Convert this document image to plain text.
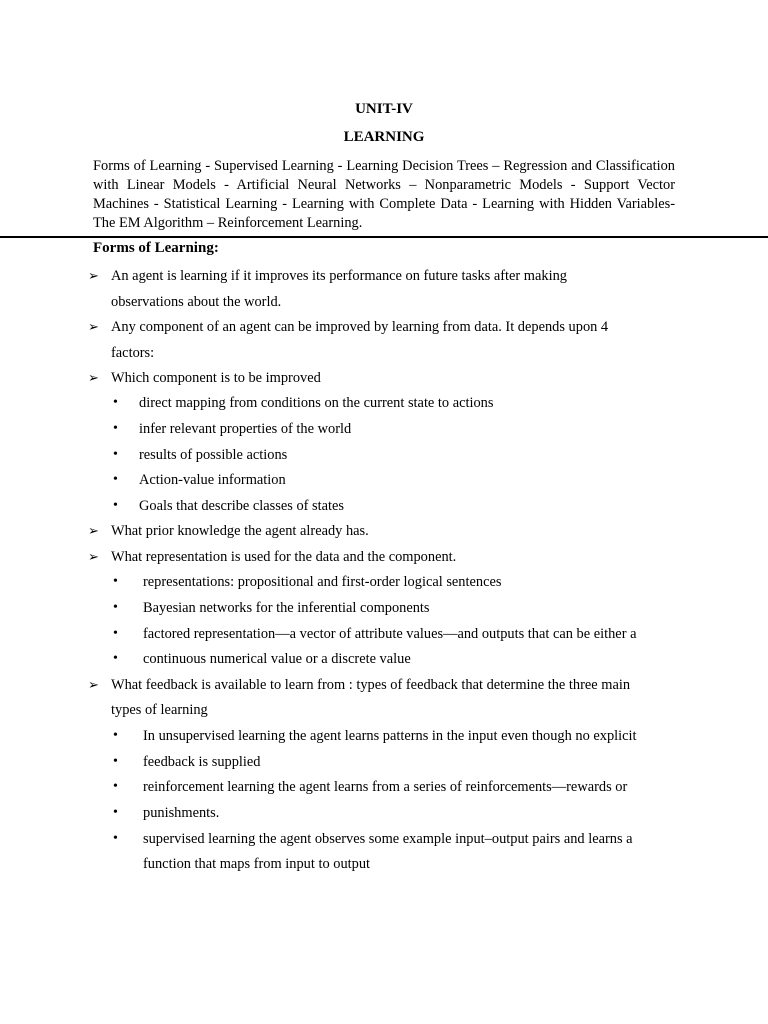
UNIT-IV
LEARNING

Forms of Learning - Supervised Learning - Learning Decision Trees – Regression and Classification with Linear Models - Artificial Neural Networks – Nonparametric Models - Support Vector Machines - Statistical Learning - Learning with Complete Data - Learning with Hidden Variables- The EM Algorithm – Reinforcement Learning.

Forms of Learning:
➢ An agent is learning if it improves its performance on future tasks after making
observations about the world.
➢ Any component of an agent can be improved by learning from data. It depends upon 4
factors:
➢ Which component is to be improved
•	direct mapping from conditions on the current state to actions
•	infer relevant properties of the world
•	results of possible actions
•	Action-value information
•	Goals that describe classes of states
➢ What prior knowledge the agent already has.
➢ What representation is used for the data and the component.
•	representations: propositional and first-order logical sentences
•	Bayesian networks for the inferential components
•	factored representation—a vector of attribute values—and outputs that can be either a
•	continuous numerical value or a discrete value
➢ What feedback is available to learn from : types of feedback that determine the three main
types of learning
•	In unsupervised learning the agent learns patterns in the input even though no explicit
•	feedback is supplied
•	reinforcement learning the agent learns from a series of reinforcements—rewards or
•	punishments.
•	supervised learning the agent observes some example input–output pairs and learns a
function that maps from input to output
